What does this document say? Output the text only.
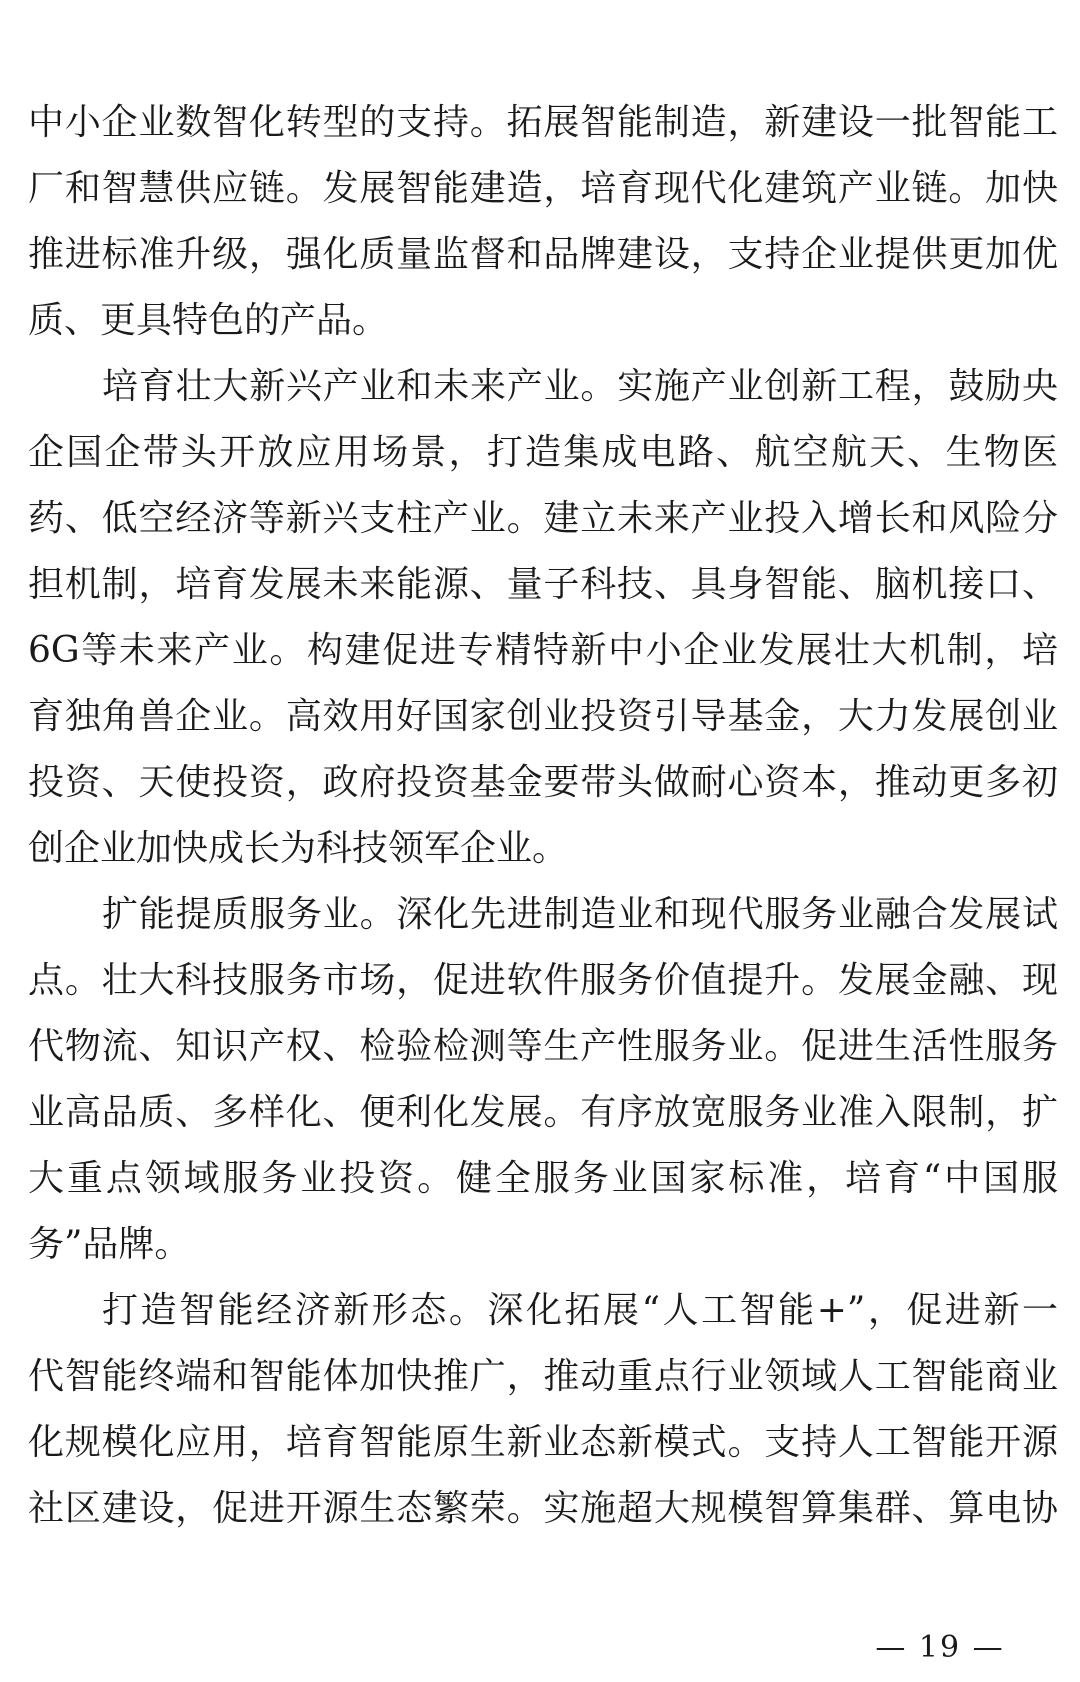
中小企业数智化转型的支持。拓展智能制造，新建设一批智能工
厂和智慧供应链。发展智能建造，培育现代化建筑产业链。加快
推进标准升级，强化质量监督和品牌建设，支持企业提供更加优
质、更具特色的产品。
培育壮大新兴产业和未来产业。实施产业创新工程，鼓励央
企国企带头开放应用场景，打造集成电路、航空航天、生物医
药、低空经济等新兴支柱产业。建立未来产业投入增长和风险分
担机制，培育发展未来能源、量子科技、具身智能、脑机接口、
6G等未来产业。构建促进专精特新中小企业发展壮大机制，培
育独角兽企业。高效用好国家创业投资引导基金，大力发展创业
投资、天使投资，政府投资基金要带头做耐心资本，推动更多初
创企业加快成长为科技领军企业。
扩能提质服务业。深化先进制造业和现代服务业融合发展试
点。壮大科技服务市场，促进软件服务价值提升。发展金融、现
代物流、知识产权、检验检测等生产性服务业。促进生活性服务
业高品质、多样化、便利化发展。有序放宽服务业准入限制，扩
大重点领域服务业投资。健全服务业国家标准，培育“中国服
务”品牌。
打造智能经济新形态。深化拓展“人工智能+”，促进新一
代智能终端和智能体加快推广，推动重点行业领域人工智能商业
化规模化应用，培育智能原生新业态新模式。支持人工智能开源
社区建设，促进开源生态繁荣。实施超大规模智算集群、算电协
— 19 —
